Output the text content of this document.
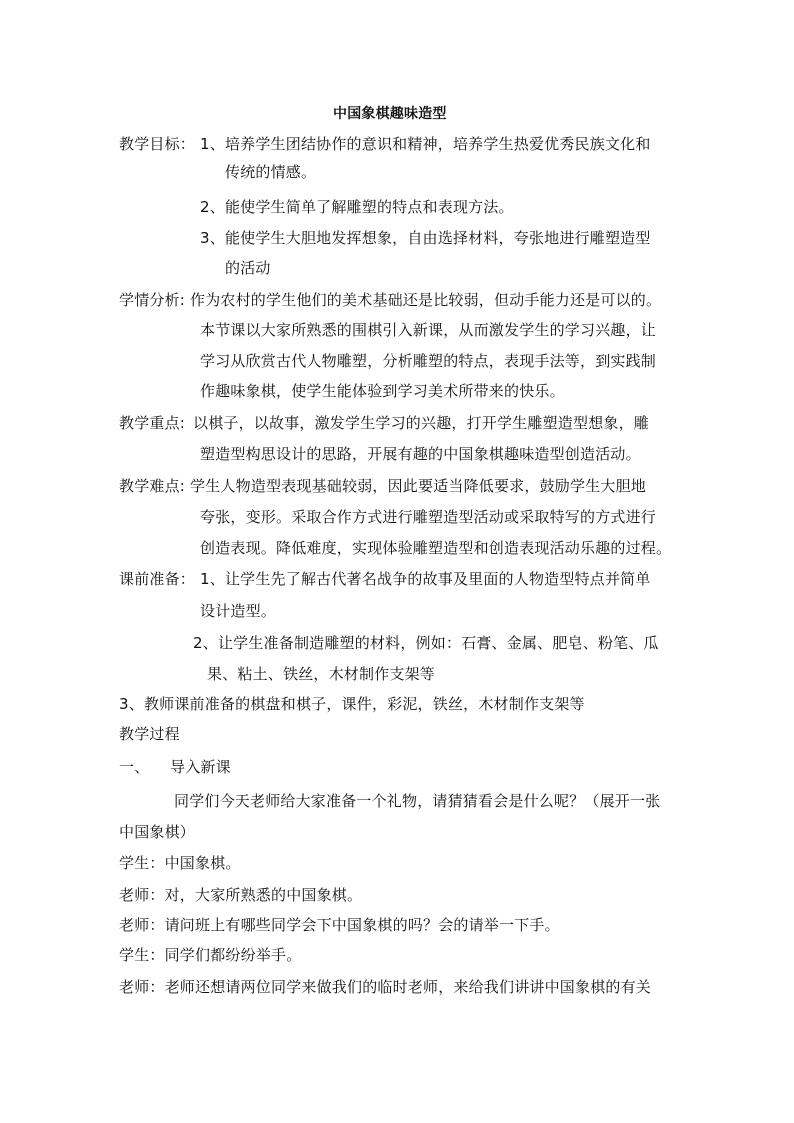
中国象棋趣味造型
教学目标： 1、培养学生团结协作的意识和精神，培养学生热爱优秀民族文化和
传统的情感。
2、能使学生简单了解雕塑的特点和表现方法。
3、能使学生大胆地发挥想象，自由选择材料，夸张地进行雕塑造型
的活动
学情分析: 作为农村的学生他们的美术基础还是比较弱，但动手能力还是可以的。
本节课以大家所熟悉的围棋引入新课，从而激发学生的学习兴趣，让
学习从欣赏古代人物雕塑，分析雕塑的特点，表现手法等，到实践制
作趣味象棋，使学生能体验到学习美术所带来的快乐。
教学重点: 以棋子，以故事，激发学生学习的兴趣，打开学生雕塑造型想象，雕
塑造型构思设计的思路，开展有趣的中国象棋趣味造型创造活动。
教学难点: 学生人物造型表现基础较弱，因此要适当降低要求，鼓励学生大胆地
夸张，变形。采取合作方式进行雕塑造型活动或采取特写的方式进行
创造表现。降低难度，实现体验雕塑造型和创造表现活动乐趣的过程。
课前准备： 1、让学生先了解古代著名战争的故事及里面的人物造型特点并简单
设计造型。
2、让学生准备制造雕塑的材料，例如：石膏、金属、肥皂、粉笔、瓜
果、粘土、铁丝，木材制作支架等
3、教师课前准备的棋盘和棋子，课件，彩泥，铁丝，木材制作支架等
教学过程
一、 导入新课
同学们今天老师给大家准备一个礼物，请猜猜看会是什么呢？（展开一张
中国象棋）
学生：中国象棋。
老师：对，大家所熟悉的中国象棋。
老师：请问班上有哪些同学会下中国象棋的吗？会的请举一下手。
学生：同学们都纷纷举手。
老师：老师还想请两位同学来做我们的临时老师，来给我们讲讲中国象棋的有关
